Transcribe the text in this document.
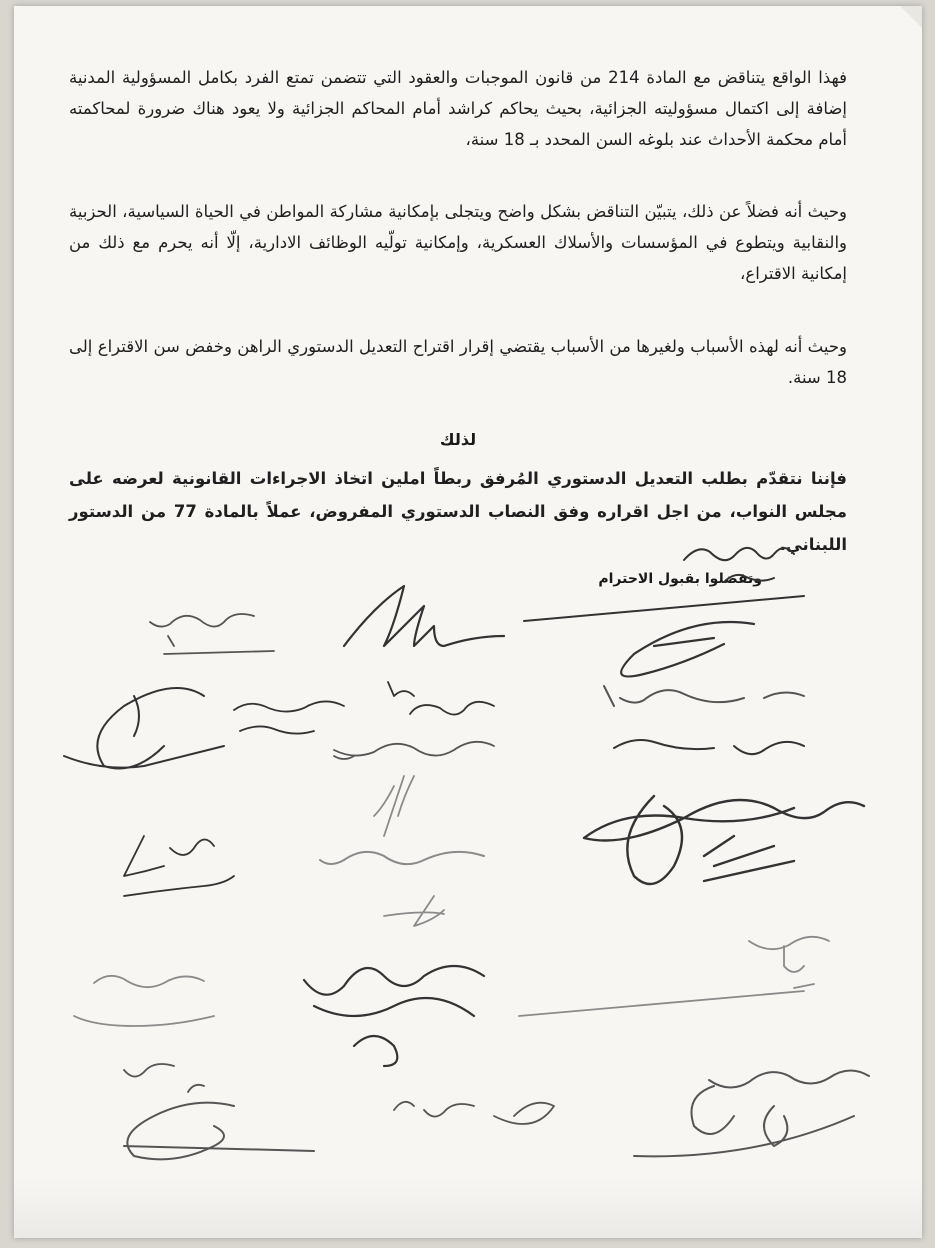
فهذا الواقع يتناقض مع المادة 214 من قانون الموجبات والعقود التي تتضمن تمتع الفرد بكامل المسؤولية المدنية إضافة إلى اكتمال مسؤوليته الجزائية، بحيث يحاكم كراشد أمام المحاكم الجزائية ولا يعود هناك ضرورة لمحاكمته أمام محكمة الأحداث عند بلوغه السن المحدد بـ 18 سنة،

وحيث أنه فضلاً عن ذلك، يتبيّن التناقض بشكل واضح ويتجلى بإمكانية مشاركة المواطن في الحياة السياسية، الحزبية والنقابية ويتطوع في المؤسسات والأسلاك العسكرية، وإمكانية تولّيه الوظائف الادارية، إلّا أنه يحرم مع ذلك من إمكانية الاقتراع،

وحيث أنه لهذه الأسباب ولغيرها من الأسباب يقتضي إقرار اقتراح التعديل الدستوري الراهن وخفض سن الاقتراع إلى 18 سنة.

لذلك

فإننا نتقدّم بطلب التعديل الدستوري المُرفق ربطاً املين اتخاذ الاجراءات القانونية لعرضه على مجلس النواب، من اجل اقراره وفق النصاب الدستوري المفروض، عملاً بالمادة 77 من الدستور اللبناني.

وتفضلوا بقبول الاحترام
